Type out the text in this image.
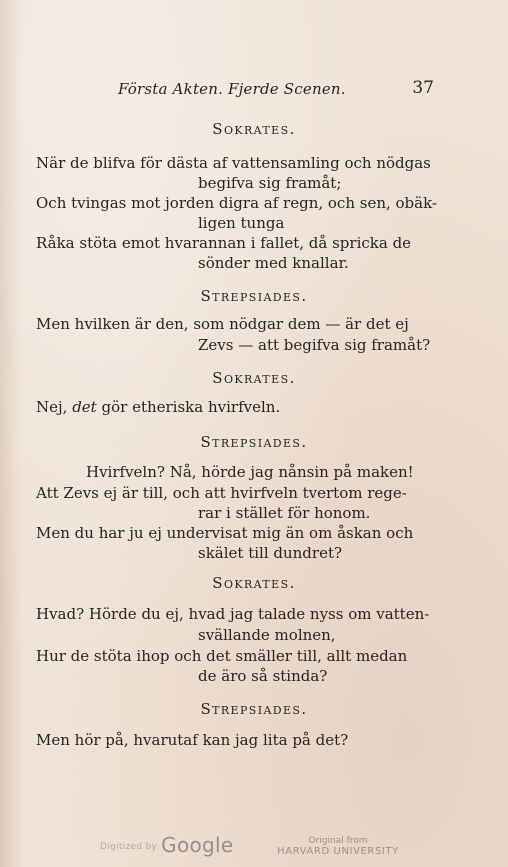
Första Akten. Fjerde Scenen.	37
Sokrates.
När de blifva för dästa af vattensamling och nödgas
begifva sig framåt;
Och tvingas mot jorden digra af regn, och sen, obäk-
ligen tunga
Råka stöta emot hvarannan i fallet, då spricka de
sönder med knallar.
Strepsiades.
Men hvilken är den, som nödgar dem — är det ej
Zevs — att begifva sig framåt?
Sokrates.
Nej, det gör etheriska hvirfveln.
Strepsiades.
Hvirfveln? Nå, hörde jag nånsin på maken!
Att Zevs ej är till, och att hvirfveln tvertom rege-
rar i stället för honom.
Men du har ju ej undervisat mig än om åskan och
skälet till dundret?
Sokrates.
Hvad? Hörde du ej, hvad jag talade nyss om vatten-
svällande molnen,
Hur de stöta ihop och det smäller till, allt medan
de äro så stinda?
Strepsiades.
Men hör på, hvarutaf kan jag lita på det?
Digitized by Google	Original from
HARVARD UNIVERSITY
